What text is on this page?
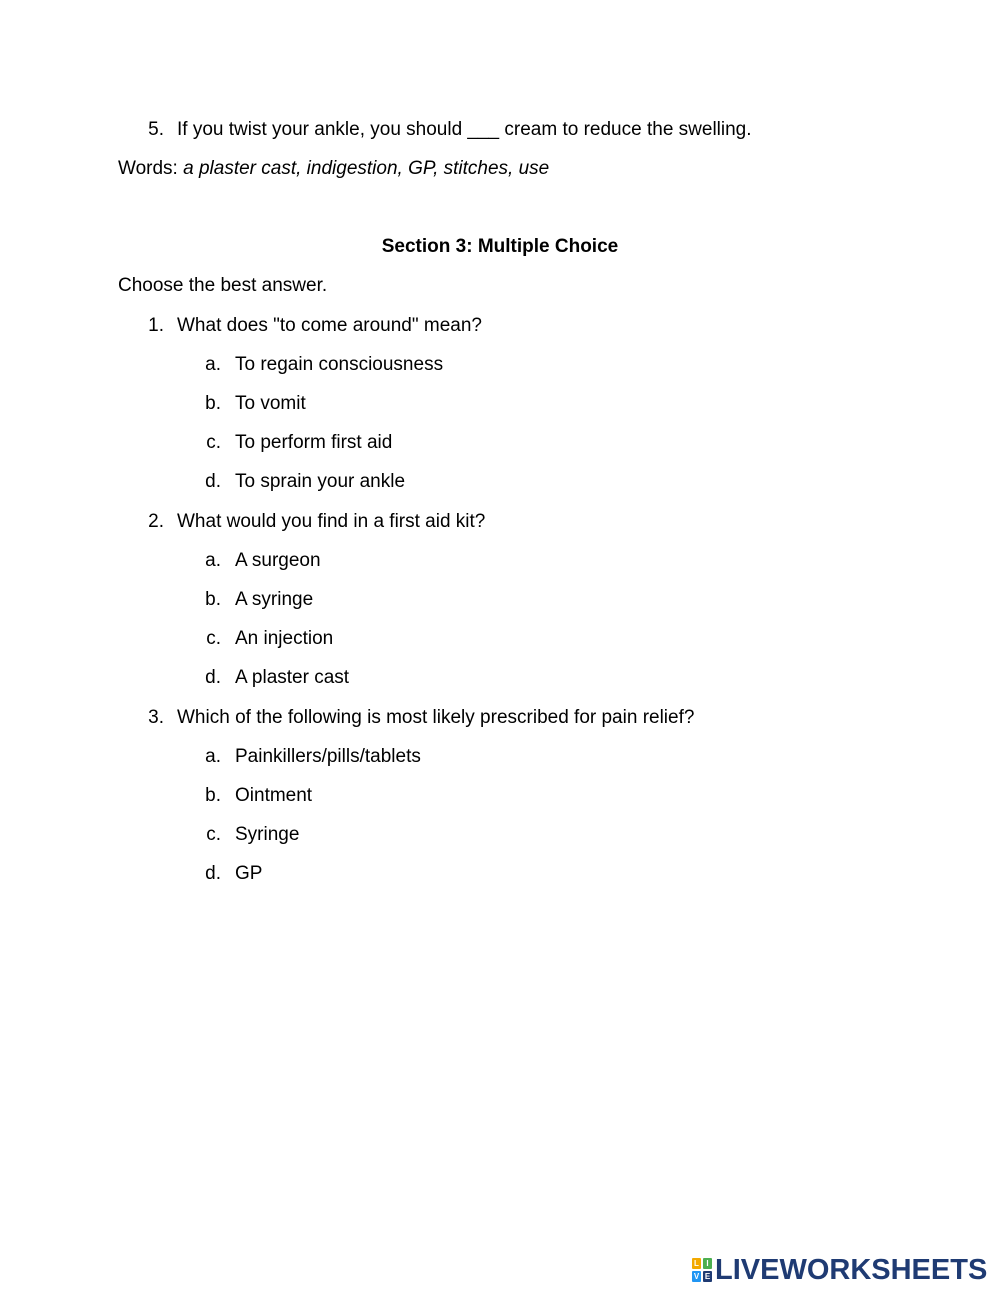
5. If you twist your ankle, you should ___ cream to reduce the swelling.
Words: a plaster cast, indigestion, GP, stitches, use
Section 3: Multiple Choice
Choose the best answer.
1. What does "to come around" mean?
a. To regain consciousness
b. To vomit
c. To perform first aid
d. To sprain your ankle
2. What would you find in a first aid kit?
a. A surgeon
b. A syringe
c. An injection
d. A plaster cast
3. Which of the following is most likely prescribed for pain relief?
a. Painkillers/pills/tablets
b. Ointment
c. Syringe
d. GP
L I
V E LIVEWORKSHEETS
